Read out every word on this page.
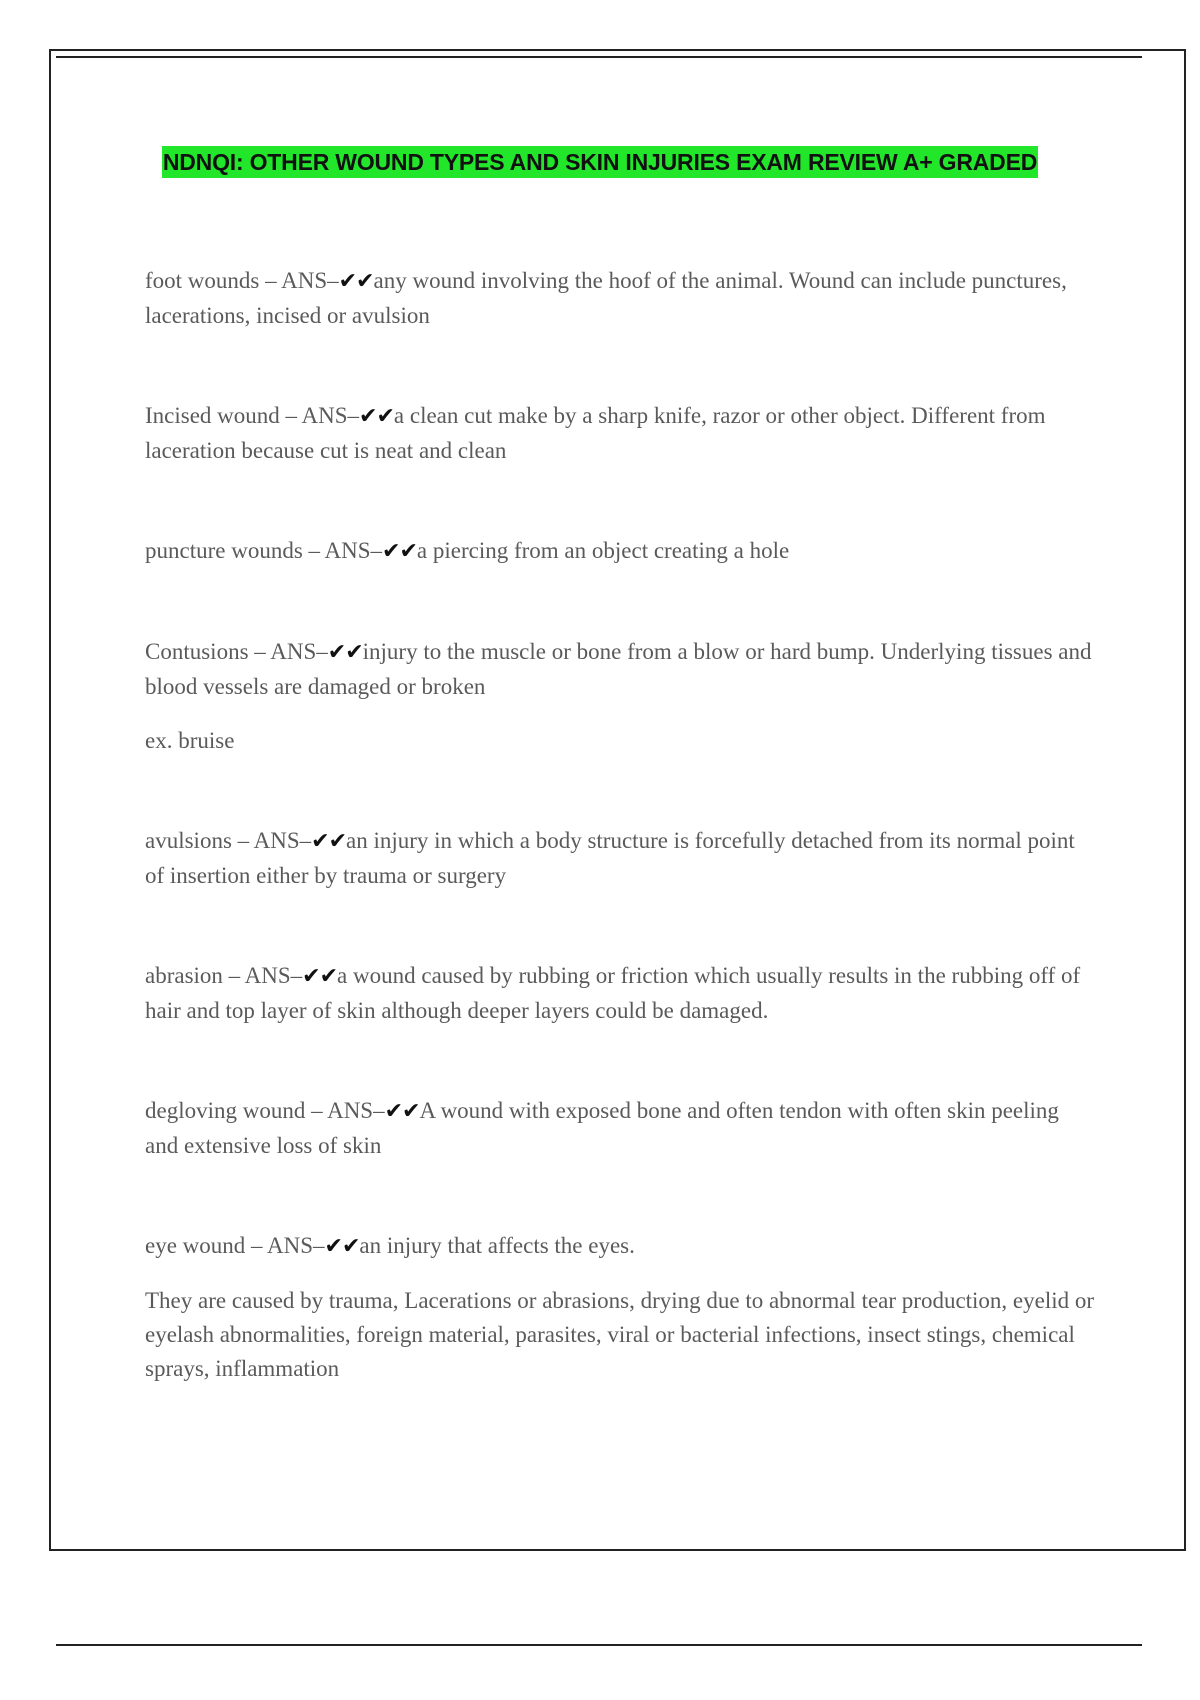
NDNQI: OTHER WOUND TYPES AND SKIN INJURIES EXAM REVIEW A+ GRADED

foot wounds – ANS–✔✔any wound involving the hoof of the animal. Wound can include punctures, lacerations, incised or avulsion

Incised wound – ANS–✔✔a clean cut make by a sharp knife, razor or other object. Different from laceration because cut is neat and clean

puncture wounds – ANS–✔✔a piercing from an object creating a hole

Contusions – ANS–✔✔injury to the muscle or bone from a blow or hard bump. Underlying tissues and blood vessels are damaged or broken

ex. bruise

avulsions – ANS–✔✔an injury in which a body structure is forcefully detached from its normal point of insertion either by trauma or surgery

abrasion – ANS–✔✔a wound caused by rubbing or friction which usually results in the rubbing off of hair and top layer of skin although deeper layers could be damaged.

degloving wound – ANS–✔✔A wound with exposed bone and often tendon with often skin peeling and extensive loss of skin

eye wound – ANS–✔✔an injury that affects the eyes.

They are caused by trauma, Lacerations or abrasions, drying due to abnormal tear production, eyelid or eyelash abnormalities, foreign material, parasites, viral or bacterial infections, insect stings, chemical sprays, inflammation
